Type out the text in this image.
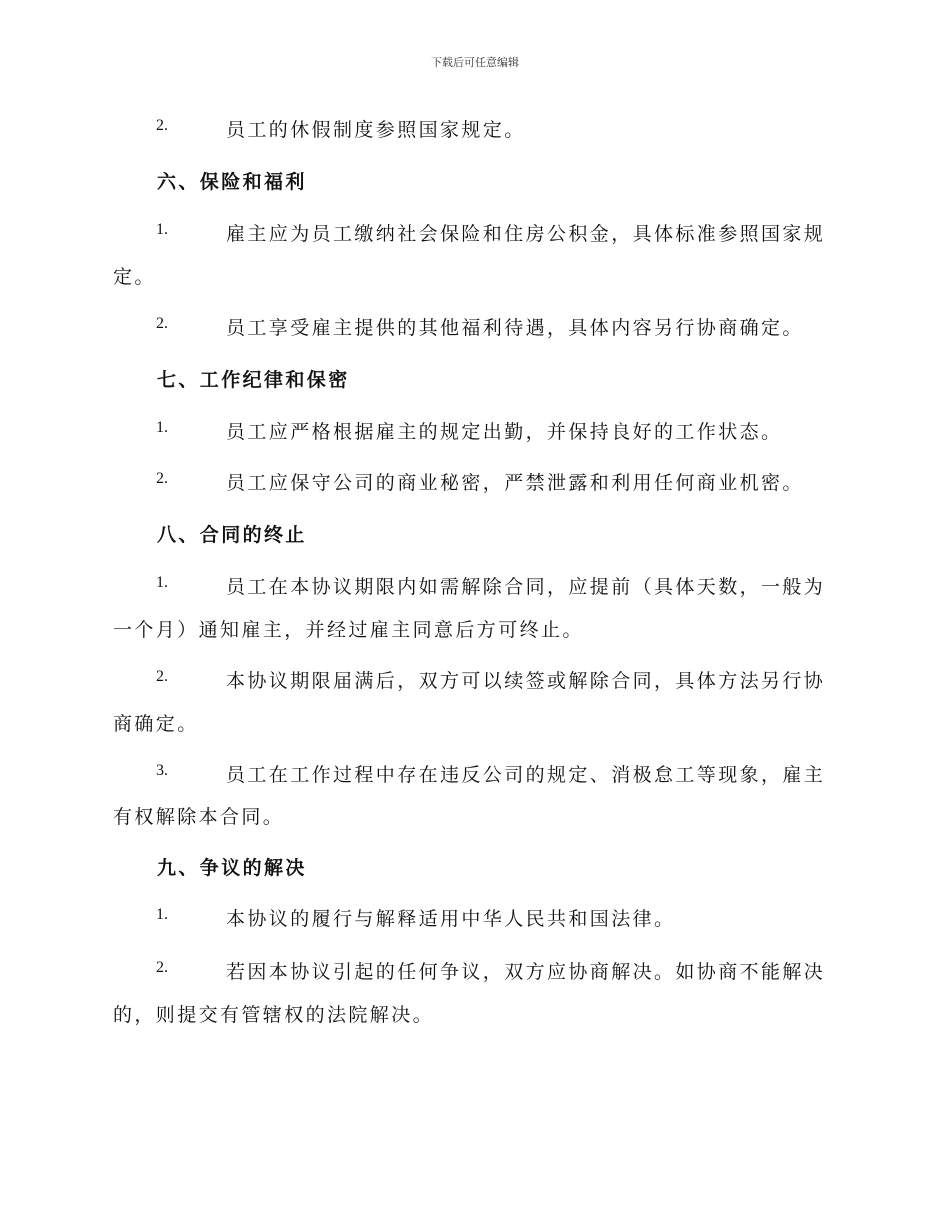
下载后可任意编辑
2.	员工的休假制度参照国家规定。
六、保险和福利
1.	雇主应为员工缴纳社会保险和住房公积金，具体标准参照国家规
定。
2.	员工享受雇主提供的其他福利待遇，具体内容另行协商确定。
七、工作纪律和保密
1.	员工应严格根据雇主的规定出勤，并保持良好的工作状态。
2.	员工应保守公司的商业秘密，严禁泄露和利用任何商业机密。
八、合同的终止
1.	员工在本协议期限内如需解除合同，应提前（具体天数，一般为
一个月）通知雇主，并经过雇主同意后方可终止。
2.	本协议期限届满后，双方可以续签或解除合同，具体方法另行协
商确定。
3.	员工在工作过程中存在违反公司的规定、消极怠工等现象，雇主
有权解除本合同。
九、争议的解决
1.	本协议的履行与解释适用中华人民共和国法律。
2.	若因本协议引起的任何争议，双方应协商解决。如协商不能解决
的，则提交有管辖权的法院解决。
